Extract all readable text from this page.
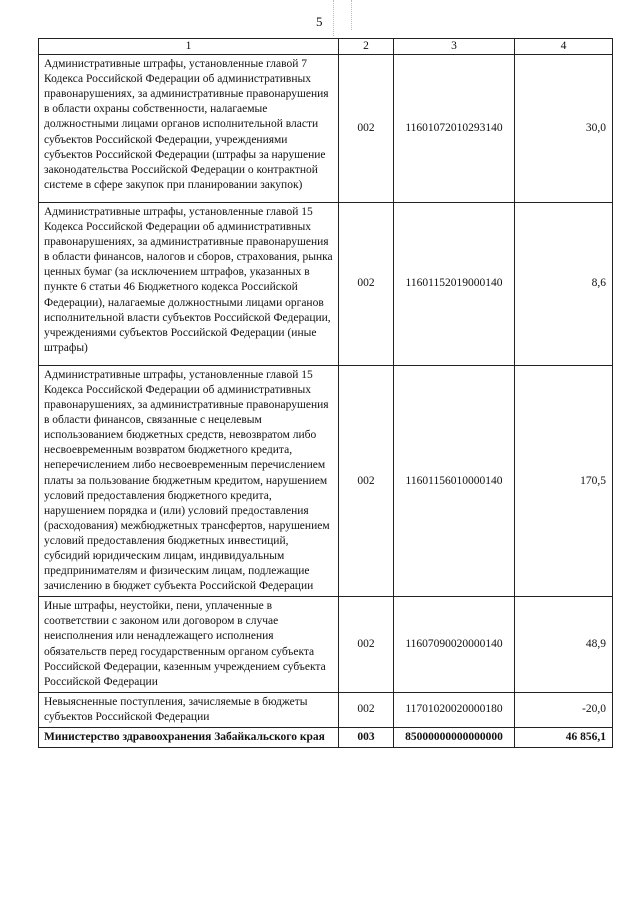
5
1	2	3	4
Административные штрафы, установленные главой 7 Кодекса Российской Федерации об административных правонарушениях, за административные правонарушения в области охраны собственности, налагаемые должностными лицами органов исполнительной власти субъектов Российской Федерации, учреждениями субъектов Российской Федерации (штрафы за нарушение законодательства Российской Федерации о контрактной системе в сфере закупок при планировании закупок)	002	11601072010293140	30,0
Административные штрафы, установленные главой 15 Кодекса Российской Федерации об административных правонарушениях, за административные правонарушения в области финансов, налогов и сборов, страхования, рынка ценных бумаг (за исключением штрафов, указанных в пункте 6 статьи 46 Бюджетного кодекса Российской Федерации), налагаемые должностными лицами органов исполнительной власти субъектов Российской Федерации, учреждениями субъектов Российской Федерации (иные штрафы)	002	11601152019000140	8,6
Административные штрафы, установленные главой 15 Кодекса Российской Федерации об административных правонарушениях, за административные правонарушения в области финансов, связанные с нецелевым использованием бюджетных средств, невозвратом либо несвоевременным возвратом бюджетного кредита, неперечислением либо несвоевременным перечислением платы за пользование бюджетным кредитом, нарушением условий предоставления бюджетного кредита, нарушением порядка и (или) условий предоставления (расходования) межбюджетных трансфертов, нарушением условий предоставления бюджетных инвестиций, субсидий юридическим лицам, индивидуальным предпринимателям и физическим лицам, подлежащие зачислению в бюджет субъекта Российской Федерации	002	11601156010000140	170,5
Иные штрафы, неустойки, пени, уплаченные в соответствии с законом или договором в случае неисполнения или ненадлежащего исполнения обязательств перед государственным органом субъекта Российской Федерации, казенным учреждением субъекта Российской Федерации	002	11607090020000140	48,9
Невыясненные поступления, зачисляемые в бюджеты субъектов Российской Федерации	002	11701020020000180	-20,0
Министерство здравоохранения Забайкальского края	003	85000000000000000	46 856,1
